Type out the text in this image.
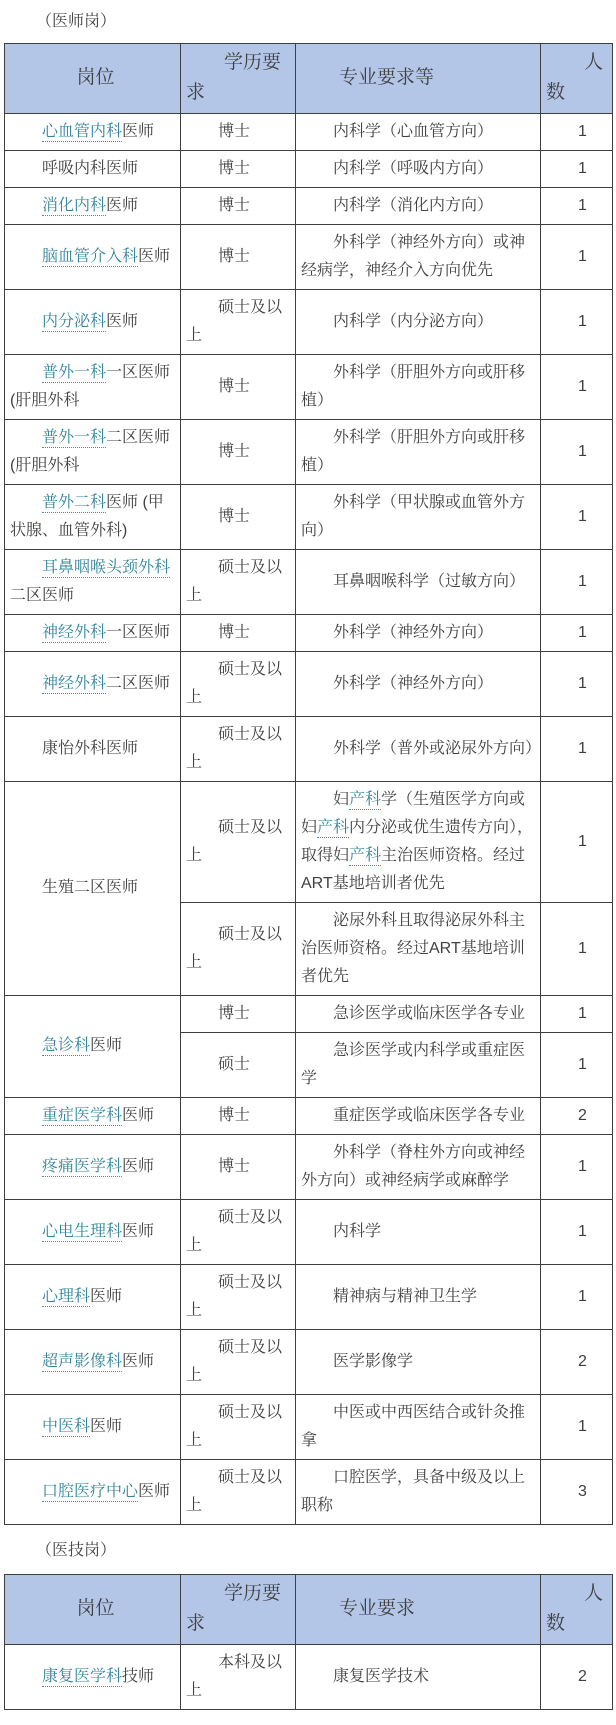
（医师岗）

岗位	学历要求	专业要求等	人数

心血管内科医师	博士	内科学（心血管方向）	1

呼吸内科医师	博士	内科学（呼吸内方向）	1

消化内科医师	博士	内科学（消化内方向）	1

脑血管介入科医师	博士	外科学（神经外方向）或神经病学，神经介入方向优先	1

内分泌科医师	硕士及以上	内科学（内分泌方向）	1

普外一科一区医师 (肝胆外科	博士	外科学（肝胆外方向或肝移植）	1

普外一科二区医师 (肝胆外科	博士	外科学（肝胆外方向或肝移植）	1

普外二科医师 (甲状腺、血管外科)	博士	外科学（甲状腺或血管外方向）	1

耳鼻咽喉头颈外科二区医师	硕士及以上	耳鼻咽喉科学（过敏方向）	1

神经外科一区医师	博士	外科学（神经外方向）	1

神经外科二区医师	硕士及以上	外科学（神经外方向）	1

康怡外科医师	硕士及以上	外科学（普外或泌尿外方向）	1

生殖二区医师	硕士及以上	妇产科学（生殖医学方向或妇产科内分泌或优生遗传方向），取得妇产科主治医师资格。经过ART基地培训者优先	1

	硕士及以上	泌尿外科且取得泌尿外科主治医师资格。经过ART基地培训者优先	1

急诊科医师	博士	急诊医学或临床医学各专业	1

	硕士	急诊医学或内科学或重症医学	1

重症医学科医师	博士	重症医学或临床医学各专业	2

疼痛医学科医师	博士	外科学（脊柱外方向或神经外方向）或神经病学或麻醉学	1

心电生理科医师	硕士及以上	内科学	1

心理科医师	硕士及以上	精神病与精神卫生学	1

超声影像科医师	硕士及以上	医学影像学	2

中医科医师	硕士及以上	中医或中西医结合或针灸推拿	1

口腔医疗中心医师	硕士及以上	口腔医学，具备中级及以上职称	3

（医技岗）

岗位	学历要求	专业要求	人数

康复医学科技师	本科及以上	康复医学技术	2
